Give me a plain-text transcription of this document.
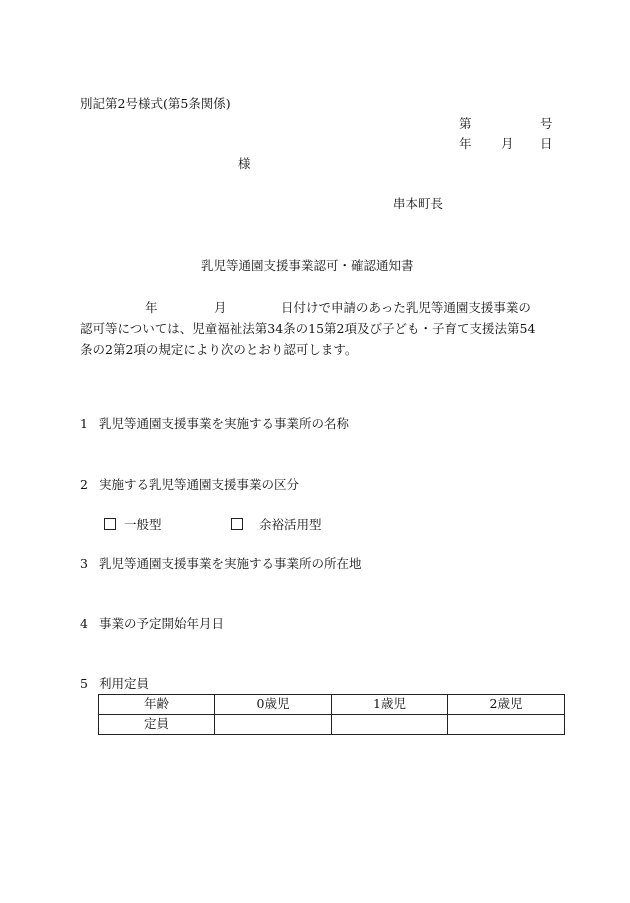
別記第2号様式(第5条関係)
第	号
年 月 日
様
串本町長
乳児等通園支援事業認可・確認通知書
年	月	日付けで申請のあった乳児等通園支援事業の
認可等については、児童福祉法第34条の15第2項及び子ども・子育て支援法第54
条の2第2項の規定により次のとおり認可します。
1 乳児等通園支援事業を実施する事業所の名称
2 実施する乳児等通園支援事業の区分
一般型	余裕活用型
3 乳児等通園支援事業を実施する事業所の所在地
4 事業の予定開始年月日
5 利用定員
年齢	0歳児	1歳児	2歳児
定員			
